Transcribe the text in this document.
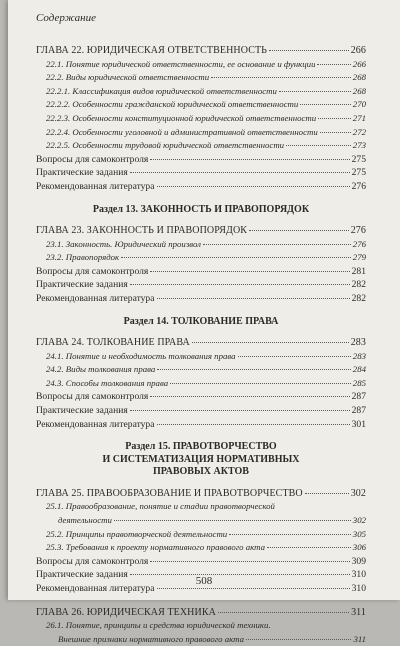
Содержание
ГЛАВА 22. ЮРИДИЧЕСКАЯ ОТВЕТСТВЕННОСТЬ	266
22.1. Понятие юридической ответственности, ее основание и функции	266
22.2. Виды юридической ответственности	268
22.2.1. Классификация видов юридической ответственности	268
22.2.2. Особенности гражданской юридической ответственности	270
22.2.3. Особенности конституционной юридической ответственности	271
22.2.4. Особенности уголовной и административной ответственности	272
22.2.5. Особенности трудовой юридической ответственности	273
Вопросы для самоконтроля	275
Практические задания	275
Рекомендованная литература	276
Раздел 13. ЗАКОННОСТЬ И ПРАВОПОРЯДОК
ГЛАВА 23. ЗАКОННОСТЬ И ПРАВОПОРЯДОК	276
23.1. Законность. Юридический произвол	276
23.2. Правопорядок	279
Вопросы для самоконтроля	281
Практические задания	282
Рекомендованная литература	282
Раздел 14. ТОЛКОВАНИЕ ПРАВА
ГЛАВА 24. ТОЛКОВАНИЕ ПРАВА	283
24.1. Понятие и необходимость толкования права	283
24.2. Виды толкования права	284
24.3. Способы толкования права	285
Вопросы для самоконтроля	287
Практические задания	287
Рекомендованная литература	301
Раздел 15. ПРАВОТВОРЧЕСТВО
И СИСТЕМАТИЗАЦИЯ НОРМАТИВНЫХ
ПРАВОВЫХ АКТОВ
ГЛАВА 25. ПРАВООБРАЗОВАНИЕ И ПРАВОТВОРЧЕСТВО	302
25.1. Правообразование, понятие и стадии правотворческой
деятельности	302
25.2. Принципы правотворческой деятельности	305
25.3. Требования к проекту нормативного правового акта	306
Вопросы для самоконтроля	309
Практические задания	310
Рекомендованная литература	310
ГЛАВА 26. ЮРИДИЧЕСКАЯ ТЕХНИКА	311
26.1. Понятие, принципы и средства юридической техники.
Внешние признаки нормативного правового акта	311
508
